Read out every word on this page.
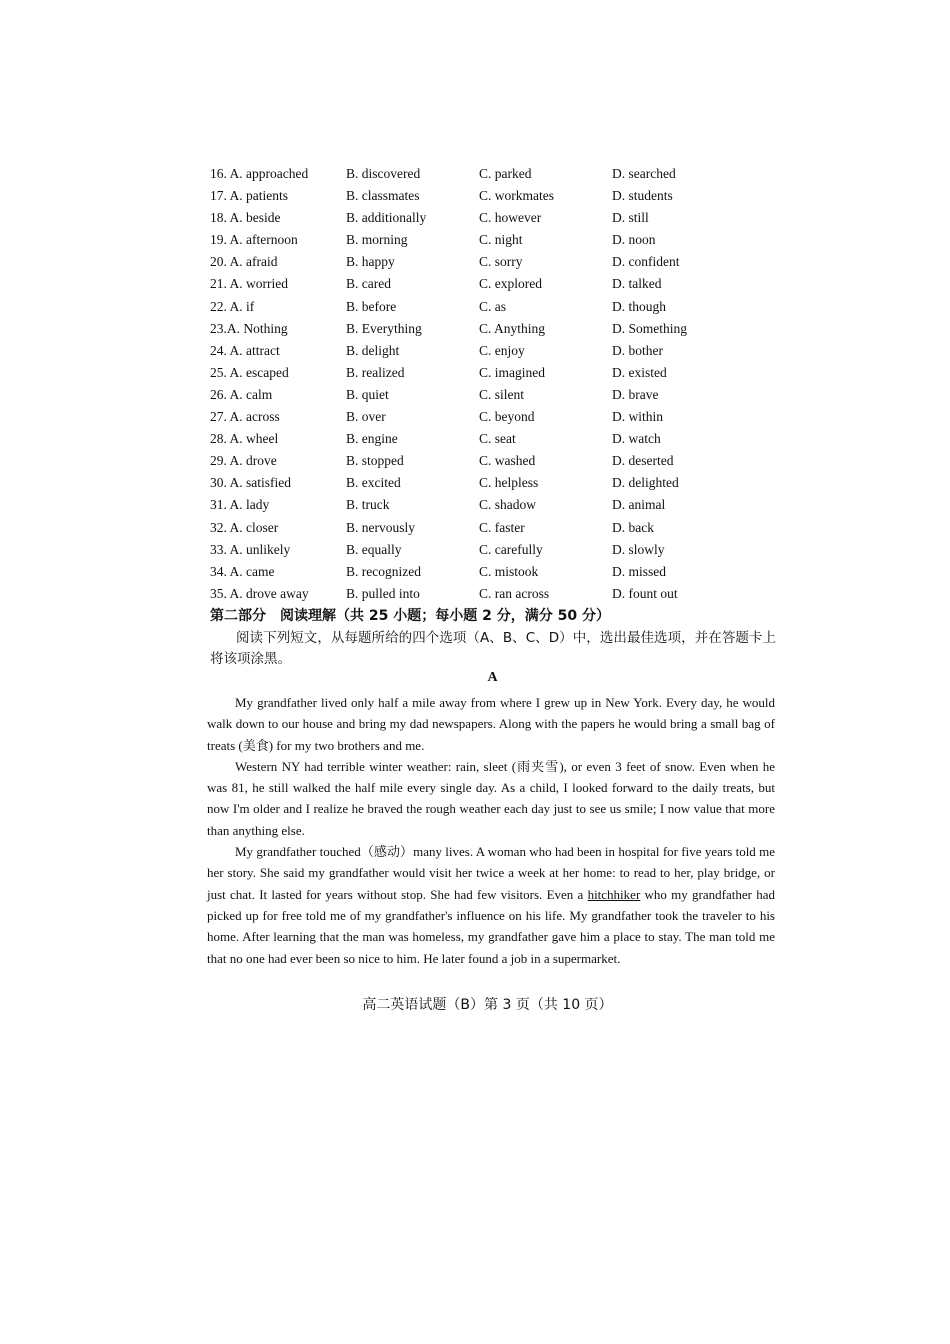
16. A. approached	B. discovered	C. parked	D. searched
17. A. patients	B. classmates	C. workmates	D. students
18. A. beside	B. additionally	C. however	D. still
19. A. afternoon	B. morning	C. night	D. noon
20. A. afraid	B. happy	C. sorry	D. confident
21. A. worried	B. cared	C. explored	D. talked
22. A. if	B. before	C. as	D. though
23.A. Nothing	B. Everything	C. Anything	D. Something
24. A. attract	B. delight	C. enjoy	D. bother
25. A. escaped	B. realized	C. imagined	D. existed
26. A. calm	B. quiet	C. silent	D. brave
27. A. across	B. over	C. beyond	D. within
28. A. wheel	B. engine	C. seat	D. watch
29. A. drove	B. stopped	C. washed	D. deserted
30. A. satisfied	B. excited	C. helpless	D. delighted
31. A. lady	B. truck	C. shadow	D. animal
32. A. closer	B. nervously	C. faster	D. back
33. A. unlikely	B. equally	C. carefully	D. slowly
34. A. came	B. recognized	C. mistook	D. missed
35. A. drove away	B. pulled into	C. ran across	D. fount out
第二部分　阅读理解（共 25 小题；每小题 2 分，满分 50 分）
阅读下列短文，从每题所给的四个选项（A、B、C、D）中，选出最佳选项，并在答题卡上将该项涂黑。
A

My grandfather lived only half a mile away from where I grew up in New York. Every day, he would walk down to our house and bring my dad newspapers. Along with the papers he would bring a small bag of treats (美食) for my two brothers and me.

Western NY had terrible winter weather: rain, sleet (雨夹雪), or even 3 feet of snow. Even when he was 81, he still walked the half mile every single day. As a child, I looked forward to the daily treats, but now I'm older and I realize he braved the rough weather each day just to see us smile; I now value that more than anything else.

My grandfather touched（感动）many lives. A woman who had been in hospital for five years told me her story. She said my grandfather would visit her twice a week at her home: to read to her, play bridge, or just chat. It lasted for years without stop. She had few visitors. Even a hitchhiker who my grandfather had picked up for free told me of my grandfather's influence on his life. My grandfather took the traveler to his home. After learning that the man was homeless, my grandfather gave him a place to stay. The man told me that no one had ever been so nice to him. He later found a job in a supermarket.

高二英语试题（B）第 3 页（共 10 页）
